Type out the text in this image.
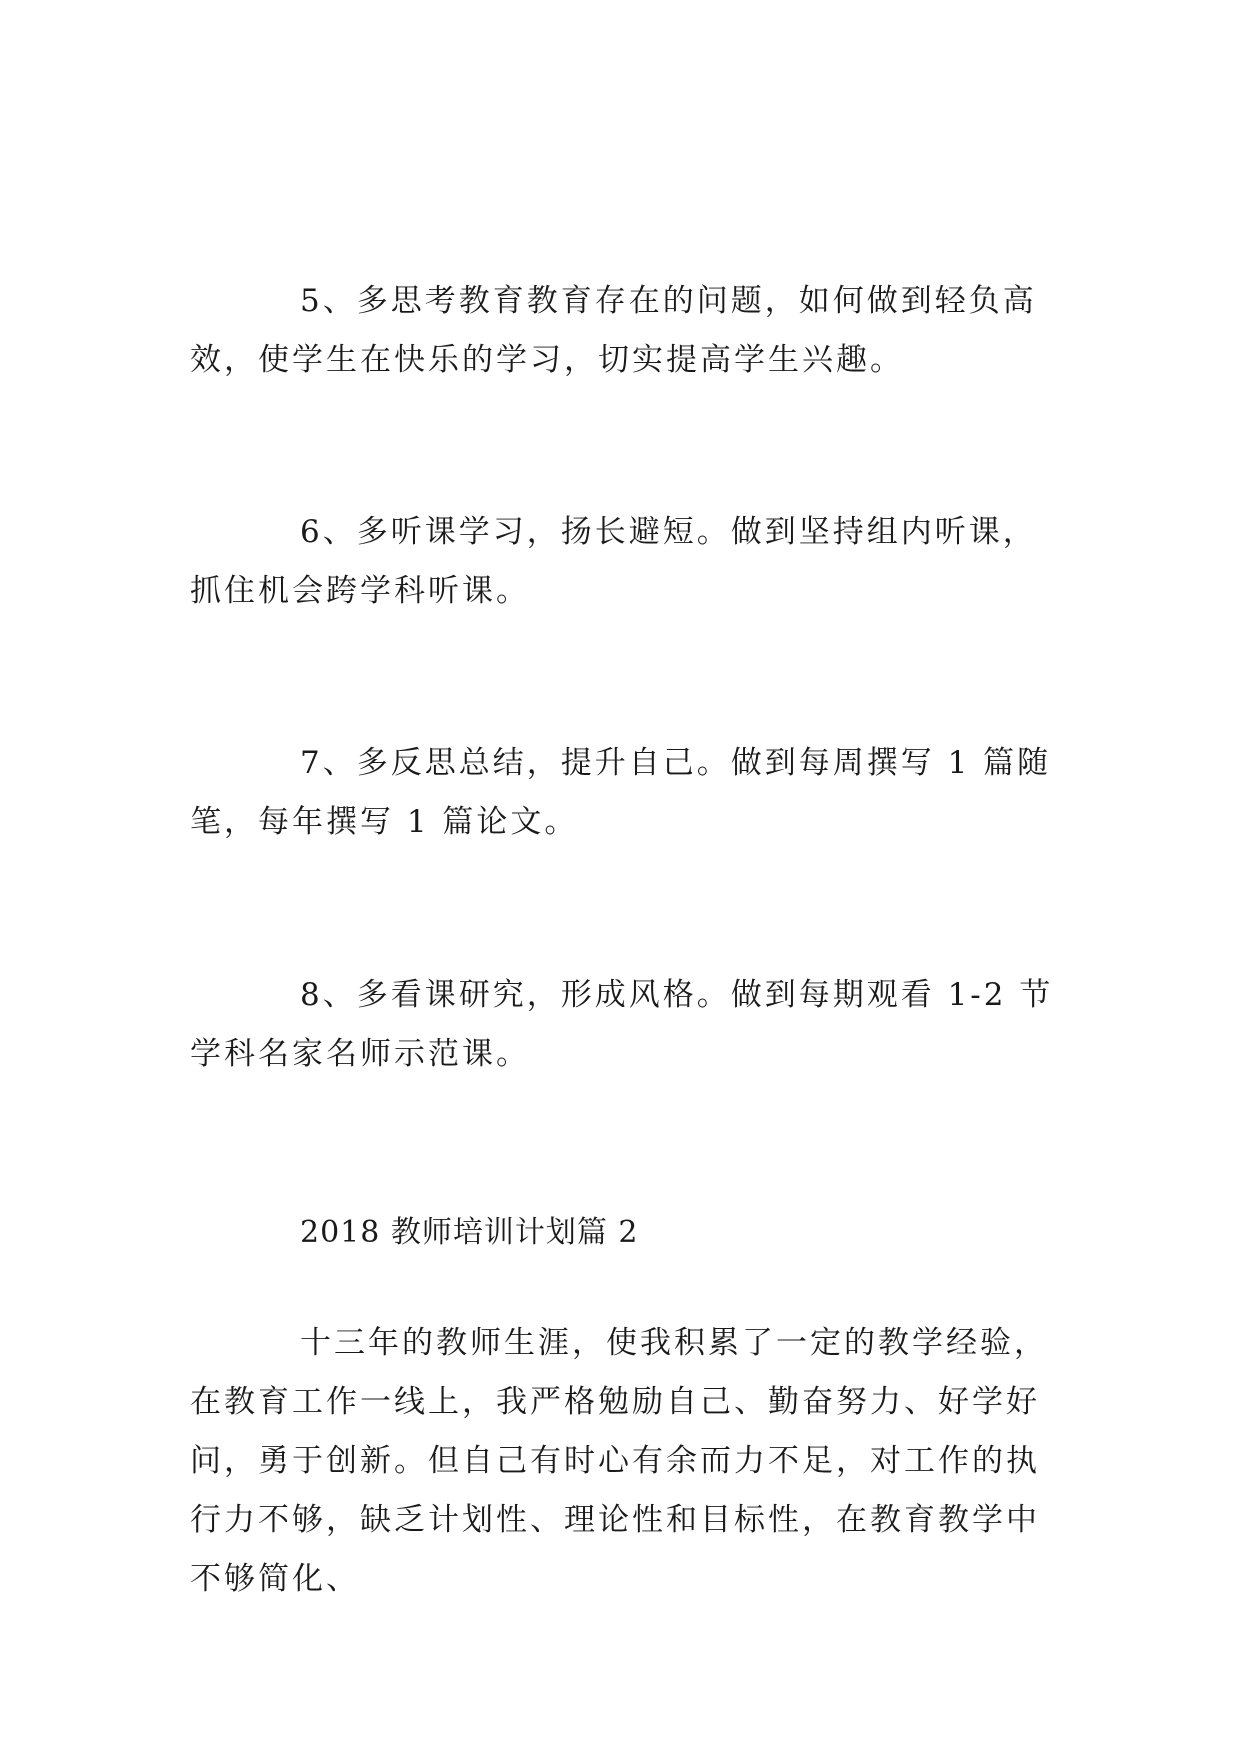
5、多思考教育教育存在的问题，如何做到轻负高效，使学生在快乐的学习，切实提高学生兴趣。

6、多听课学习，扬长避短。做到坚持组内听课，抓住机会跨学科听课。

7、多反思总结，提升自己。做到每周撰写 1 篇随笔，每年撰写 1 篇论文。

8、多看课研究，形成风格。做到每期观看 1-2 节学科名家名师示范课。

2018 教师培训计划篇 2

十三年的教师生涯，使我积累了一定的教学经验，在教育工作一线上，我严格勉励自己、勤奋努力、好学好问，勇于创新。但自己有时心有余而力不足，对工作的执行力不够，缺乏计划性、理论性和目标性，在教育教学中不够简化、
